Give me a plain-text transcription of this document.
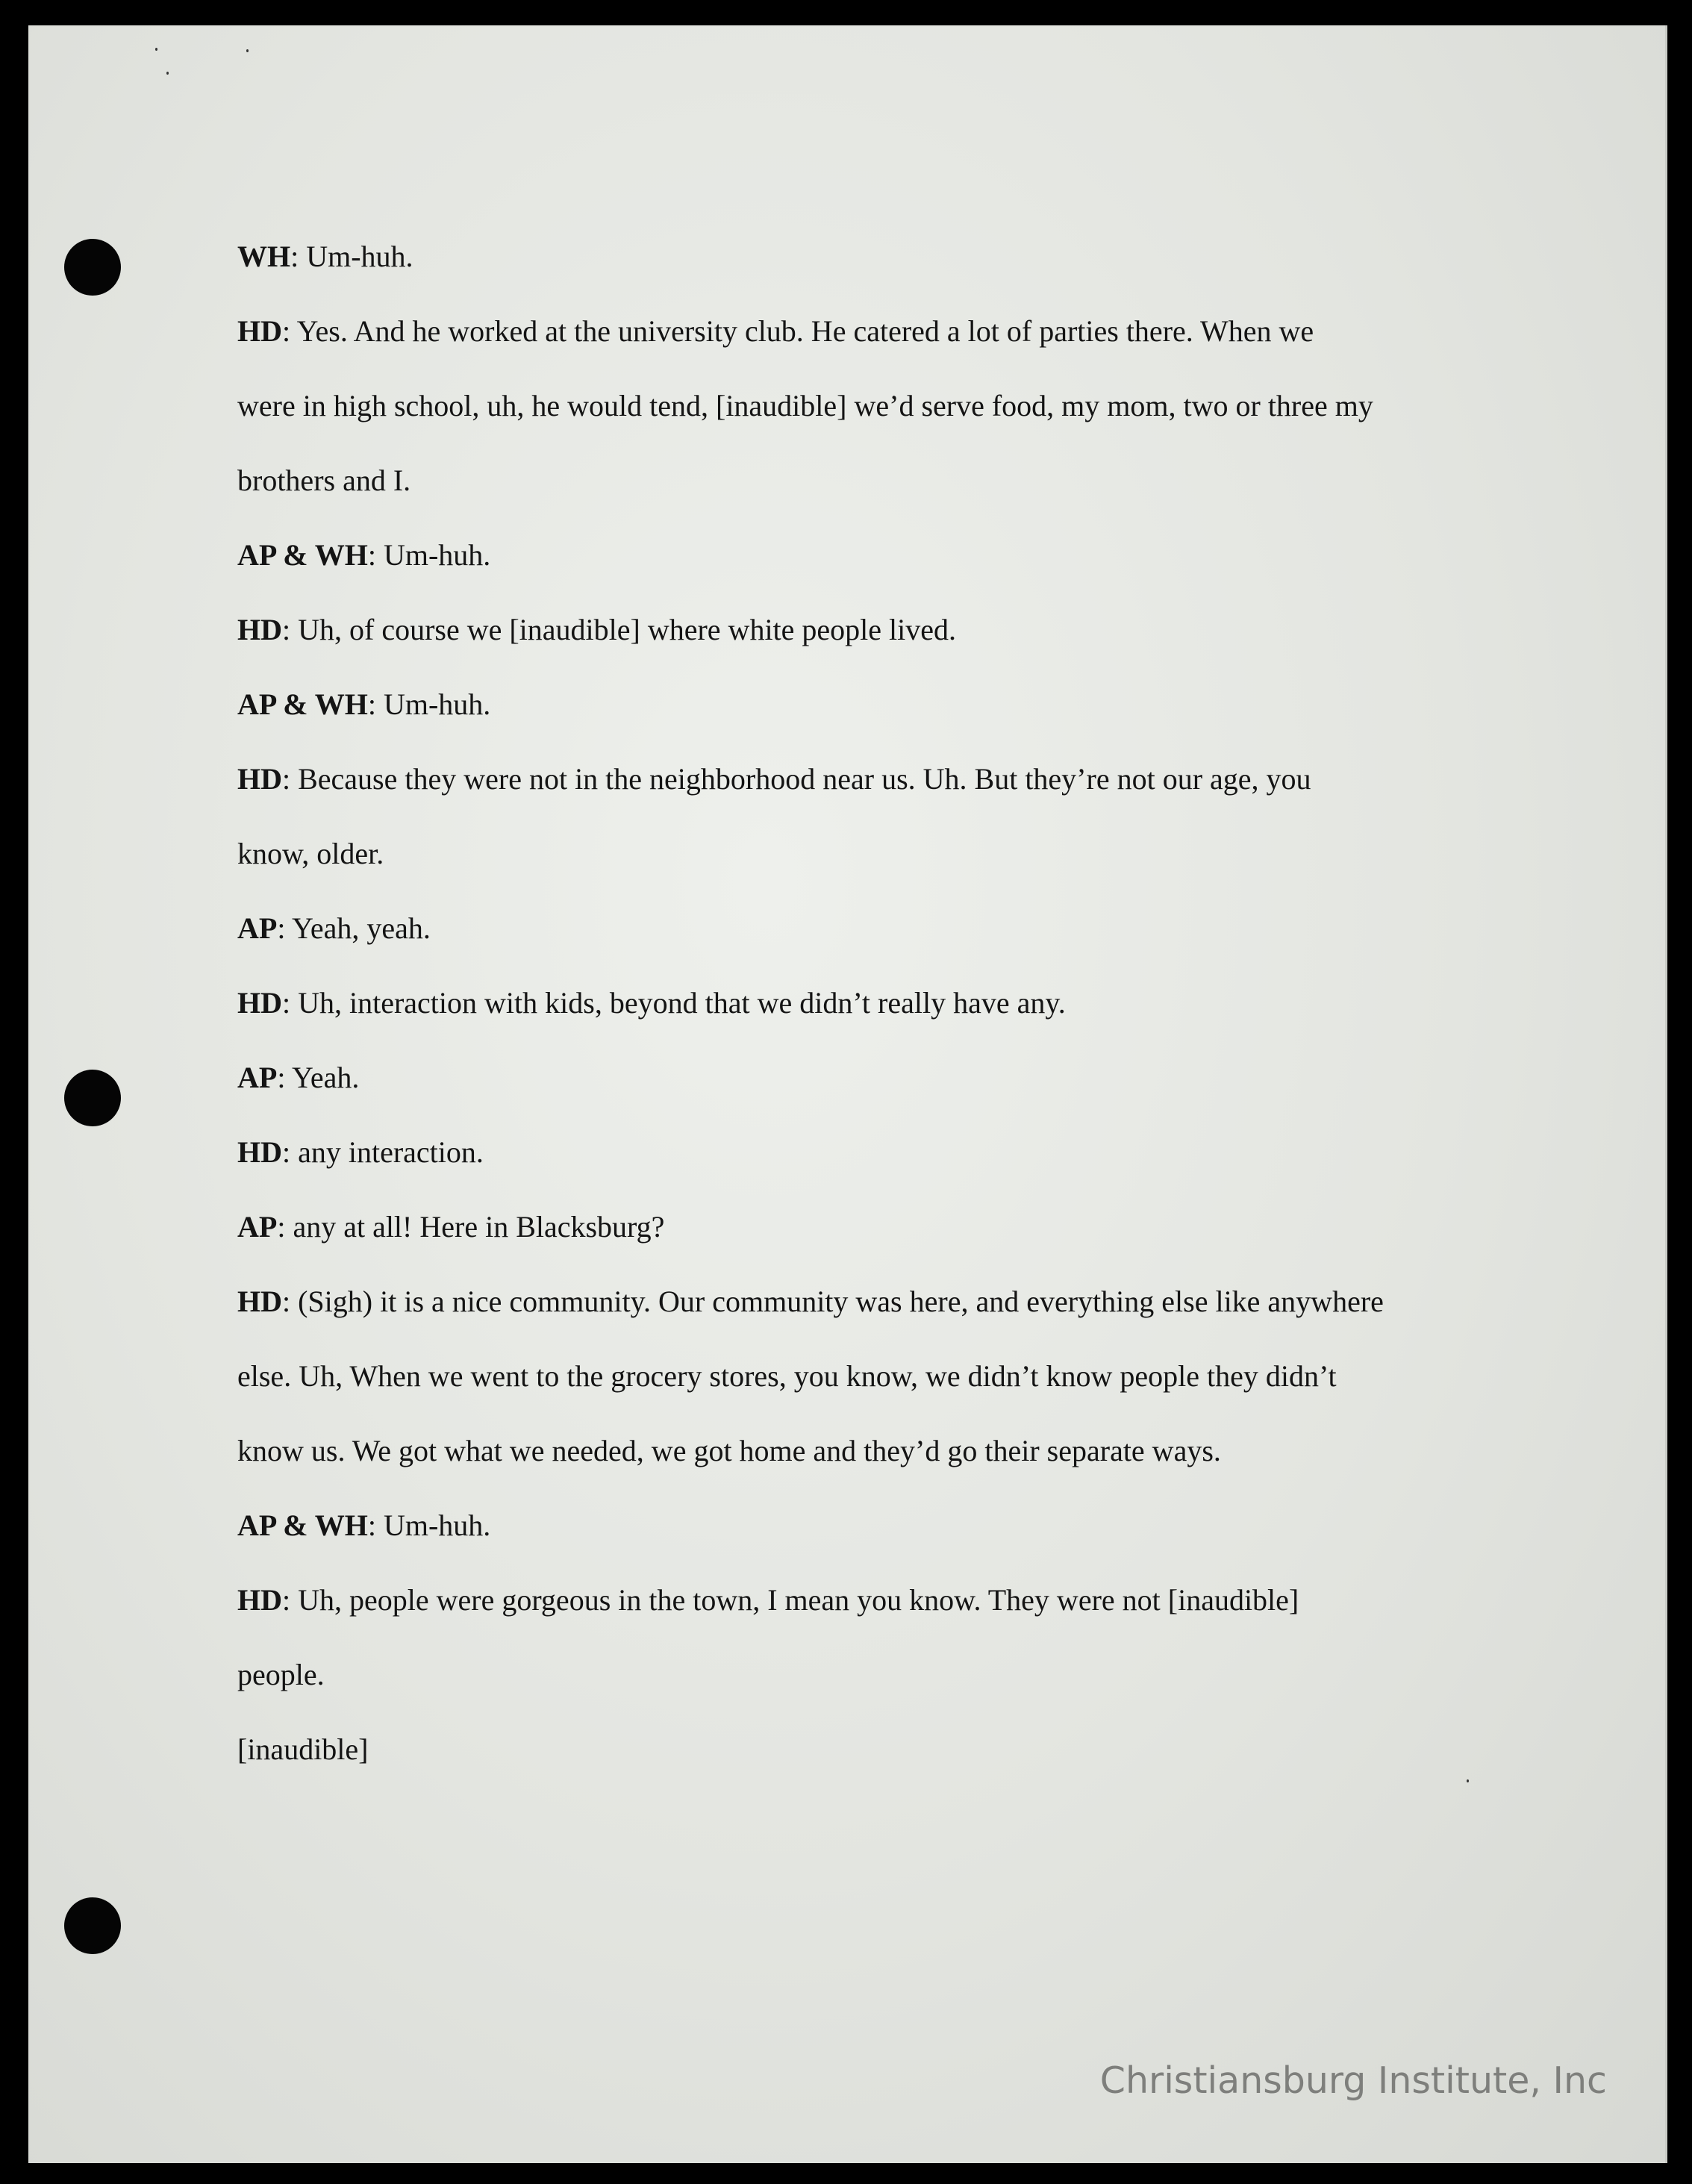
WH: Um-huh.
HD: Yes. And he worked at the university club. He catered a lot of parties there. When we
were in high school, uh, he would tend, [inaudible] we’d serve food, my mom, two or three my
brothers and I.
AP & WH: Um-huh.
HD: Uh, of course we [inaudible] where white people lived.
AP & WH: Um-huh.
HD: Because they were not in the neighborhood near us. Uh. But they’re not our age, you
know, older.
AP: Yeah, yeah.
HD: Uh, interaction with kids, beyond that we didn’t really have any.
AP: Yeah.
HD: any interaction.
AP: any at all! Here in Blacksburg?
HD: (Sigh) it is a nice community. Our community was here, and everything else like anywhere
else. Uh, When we went to the grocery stores, you know, we didn’t know people they didn’t
know us. We got what we needed, we got home and they’d go their separate ways.
AP & WH: Um-huh.
HD: Uh, people were gorgeous in the town, I mean you know. They were not [inaudible]
people.
[inaudible]
Christiansburg Institute, Inc
